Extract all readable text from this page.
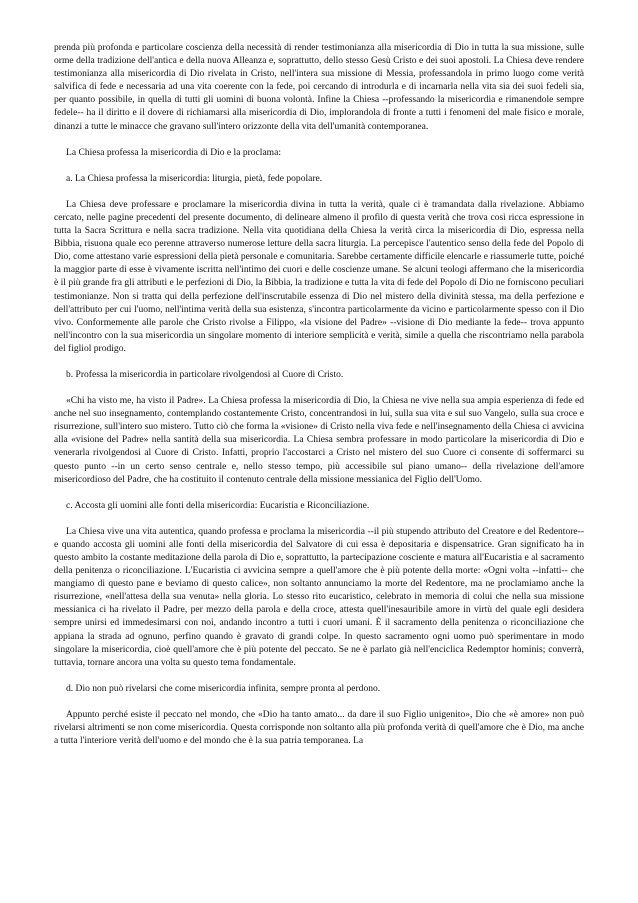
prenda più profonda e particolare coscienza della necessità di render testimonianza alla misericordia di Dio in tutta la sua missione, sulle orme della tradizione dell'antica e della nuova Alleanza e, soprattutto, dello stesso Gesù Cristo e dei suoi apostoli. La Chiesa deve rendere testimonianza alla misericordia di Dio rivelata in Cristo, nell'intera sua missione di Messia, professandola in primo luogo come verità salvifica di fede e necessaria ad una vita coerente con la fede, poi cercando di introdurla e di incarnarla nella vita sia dei suoi fedeli sia, per quanto possibile, in quella di tutti gli uomini di buona volontà. Infine la Chiesa --professando la misericordia e rimanendole sempre fedele-- ha il diritto e il dovere di richiamarsi alla misericordia di Dio, implorandola di fronte a tutti i fenomeni del male fisico e morale, dinanzi a tutte le minacce che gravano sull'intero orizzonte della vita dell'umanità contemporanea.

La Chiesa professa la misericordia di Dio e la proclama:

a. La Chiesa professa la misericordia: liturgia, pietà, fede popolare.

La Chiesa deve professare e proclamare la misericordia divina in tutta la verità, quale ci è tramandata dalla rivelazione. Abbiamo cercato, nelle pagine precedenti del presente documento, di delineare almeno il profilo di questa verità che trova così ricca espressione in tutta la Sacra Scrittura e nella sacra tradizione. Nella vita quotidiana della Chiesa la verità circa la misericordia di Dio, espressa nella Bibbia, risuona quale eco perenne attraverso numerose letture della sacra liturgia. La percepisce l'autentico senso della fede del Popolo di Dio, come attestano varie espressioni della pietà personale e comunitaria. Sarebbe certamente difficile elencarle e riassumerle tutte, poiché la maggior parte di esse è vivamente iscritta nell'intimo dei cuori e delle coscienze umane. Se alcuni teologi affermano che la misericordia è il più grande fra gli attributi e le perfezioni di Dio, la Bibbia, la tradizione e tutta la vita di fede del Popolo di Dio ne forniscono peculiari testimonianze. Non si tratta qui della perfezione dell'inscrutabile essenza di Dio nel mistero della divinità stessa, ma della perfezione e dell'attributo per cui l'uomo, nell'intima verità della sua esistenza, s'incontra particolarmente da vicino e particolarmente spesso con il Dio vivo. Conformemente alle parole che Cristo rivolse a Filippo, «la visione del Padre» --visione di Dio mediante la fede-- trova appunto nell'incontro con la sua misericordia un singolare momento di interiore semplicità e verità, simile a quella che riscontriamo nella parabola del figliol prodigo.

b. Professa la misericordia in particolare rivolgendosi al Cuore di Cristo.

«Chi ha visto me, ha visto il Padre». La Chiesa professa la misericordia di Dio, la Chiesa ne vive nella sua ampia esperienza di fede ed anche nel suo insegnamento, contemplando costantemente Cristo, concentrandosi in lui, sulla sua vita e sul suo Vangelo, sulla sua croce e risurrezione, sull'intero suo mistero. Tutto ciò che forma la «visione» di Cristo nella viva fede e nell'insegnamento della Chiesa ci avvicina alla «visione del Padre» nella santità della sua misericordia. La Chiesa sembra professare in modo particolare la misericordia di Dio e venerarla rivolgendosi al Cuore di Cristo. Infatti, proprio l'accostarci a Cristo nel mistero del suo Cuore ci consente di soffermarci su questo punto --in un certo senso centrale e, nello stesso tempo, più accessibile sul piano umano-- della rivelazione dell'amore misericordioso del Padre, che ha costituito il contenuto centrale della missione messianica del Figlio dell'Uomo.

c. Accosta gli uomini alle fonti della misericordia: Eucaristia e Riconciliazione.

La Chiesa vive una vita autentica, quando professa e proclama la misericordia --il più stupendo attributo del Creatore e del Redentore-- e quando accosta gli uomini alle fonti della misericordia del Salvatore di cui essa è depositaria e dispensatrice. Gran significato ha in questo ambito la costante meditazione della parola di Dio e, soprattutto, la partecipazione cosciente e matura all'Eucaristia e al sacramento della penitenza o riconciliazione. L'Eucaristia ci avvicina sempre a quell'amore che è più potente della morte: «Ogni volta --infatti-- che mangiamo di questo pane e beviamo di questo calice», non soltanto annunciamo la morte del Redentore, ma ne proclamiamo anche la risurrezione, «nell'attesa della sua venuta» nella gloria. Lo stesso rito eucaristico, celebrato in memoria di colui che nella sua missione messianica ci ha rivelato il Padre, per mezzo della parola e della croce, attesta quell'inesauribile amore in virtù del quale egli desidera sempre unirsi ed immedesimarsi con noi, andando incontro a tutti i cuori umani. È il sacramento della penitenza o riconciliazione che appiana la strada ad ognuno, perfino quando è gravato di grandi colpe. In questo sacramento ogni uomo può sperimentare in modo singolare la misericordia, cioè quell'amore che è più potente del peccato. Se ne è parlato già nell'enciclica Redemptor hominis; converrà, tuttavia, tornare ancora una volta su questo tema fondamentale.

d. Dio non può rivelarsi che come misericordia infinita, sempre pronta al perdono.

Appunto perché esiste il peccato nel mondo, che «Dio ha tanto amato... da dare il suo Figlio unigenito», Dio che «è amore» non può rivelarsi altrimenti se non come misericordia. Questa corrisponde non soltanto alla più profonda verità di quell'amore che è Dio, ma anche a tutta l'interiore verità dell'uomo e del mondo che è la sua patria temporanea. La
